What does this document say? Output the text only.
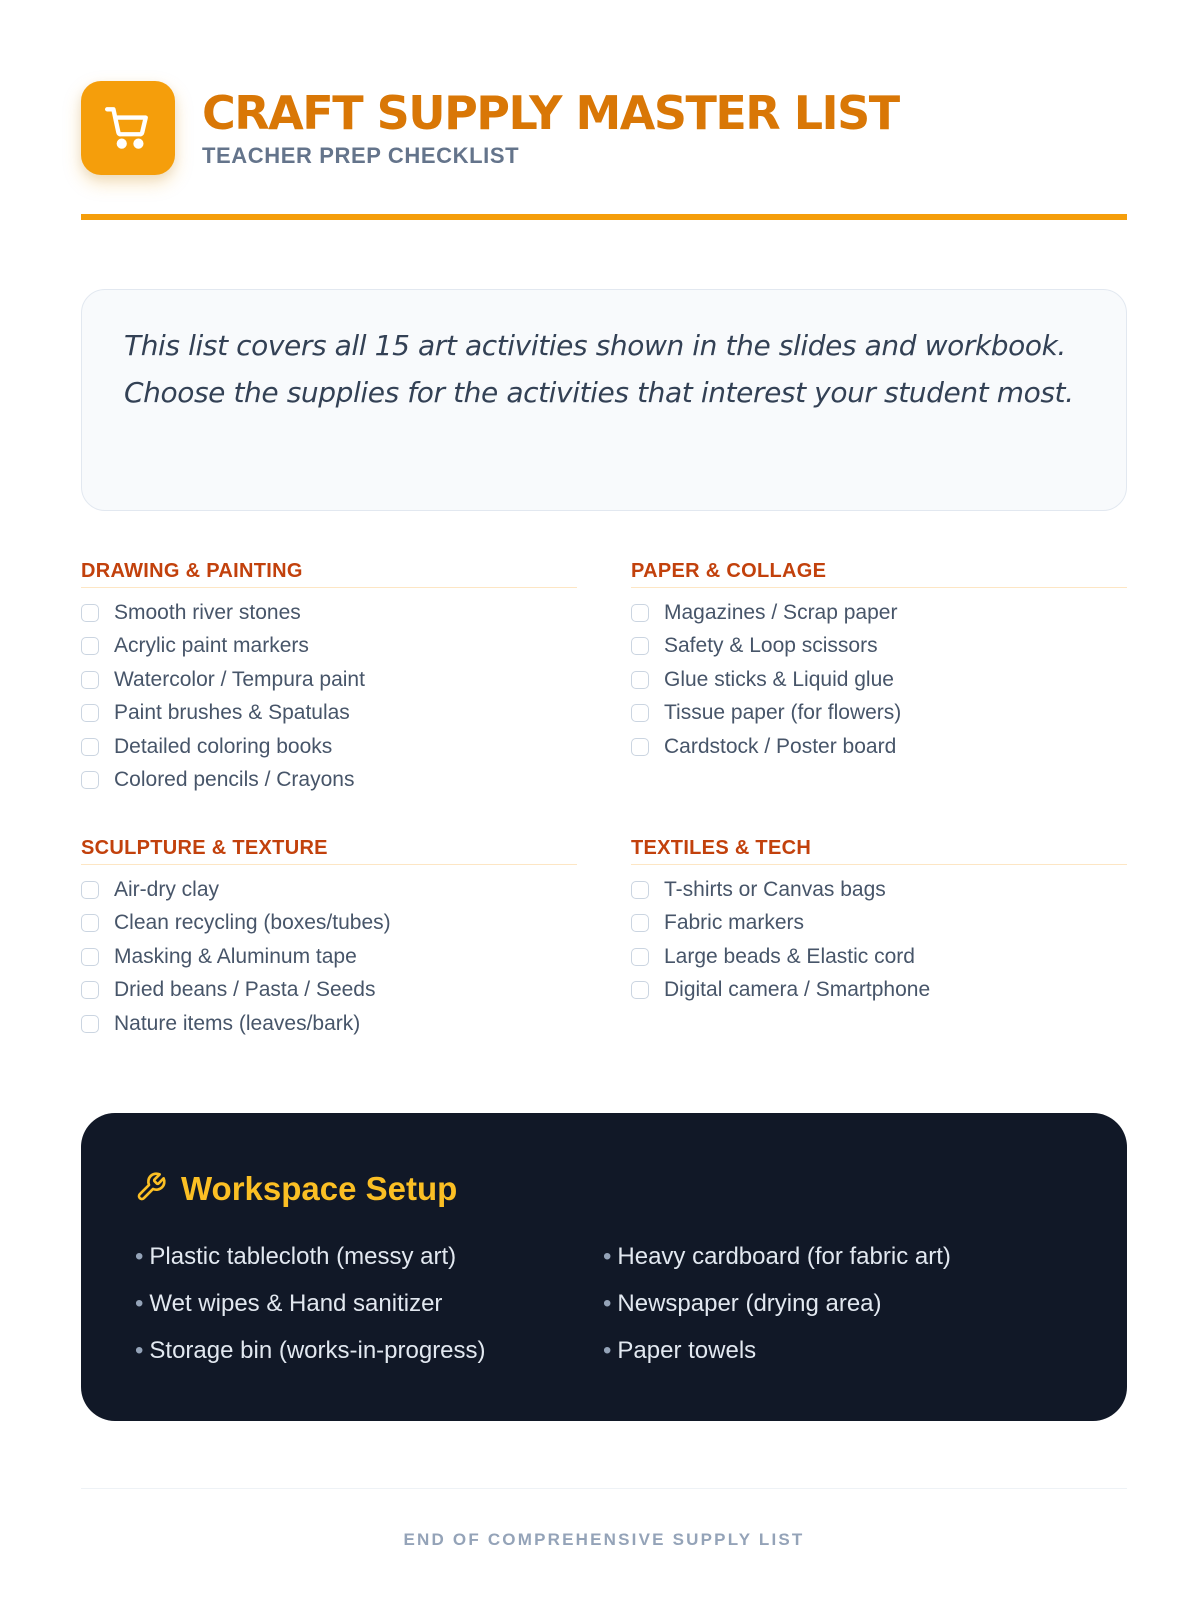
CRAFT SUPPLY MASTER LIST
TEACHER PREP CHECKLIST

This list covers all 15 art activities shown in the slides and workbook. Choose the supplies for the activities that interest your student most.

DRAWING & PAINTING
Smooth river stones
Acrylic paint markers
Watercolor / Tempura paint
Paint brushes & Spatulas
Detailed coloring books
Colored pencils / Crayons
PAPER & COLLAGE
Magazines / Scrap paper
Safety & Loop scissors
Glue sticks & Liquid glue
Tissue paper (for flowers)
Cardstock / Poster board
SCULPTURE & TEXTURE
Air-dry clay
Clean recycling (boxes/tubes)
Masking & Aluminum tape
Dried beans / Pasta / Seeds
Nature items (leaves/bark)
TEXTILES & TECH
T-shirts or Canvas bags
Fabric markers
Large beads & Elastic cord
Digital camera / Smartphone
Workspace Setup
• Plastic tablecloth (messy art)
• Wet wipes & Hand sanitizer
• Storage bin (works-in-progress)
• Heavy cardboard (for fabric art)
• Newspaper (drying area)
• Paper towels
END OF COMPREHENSIVE SUPPLY LIST
